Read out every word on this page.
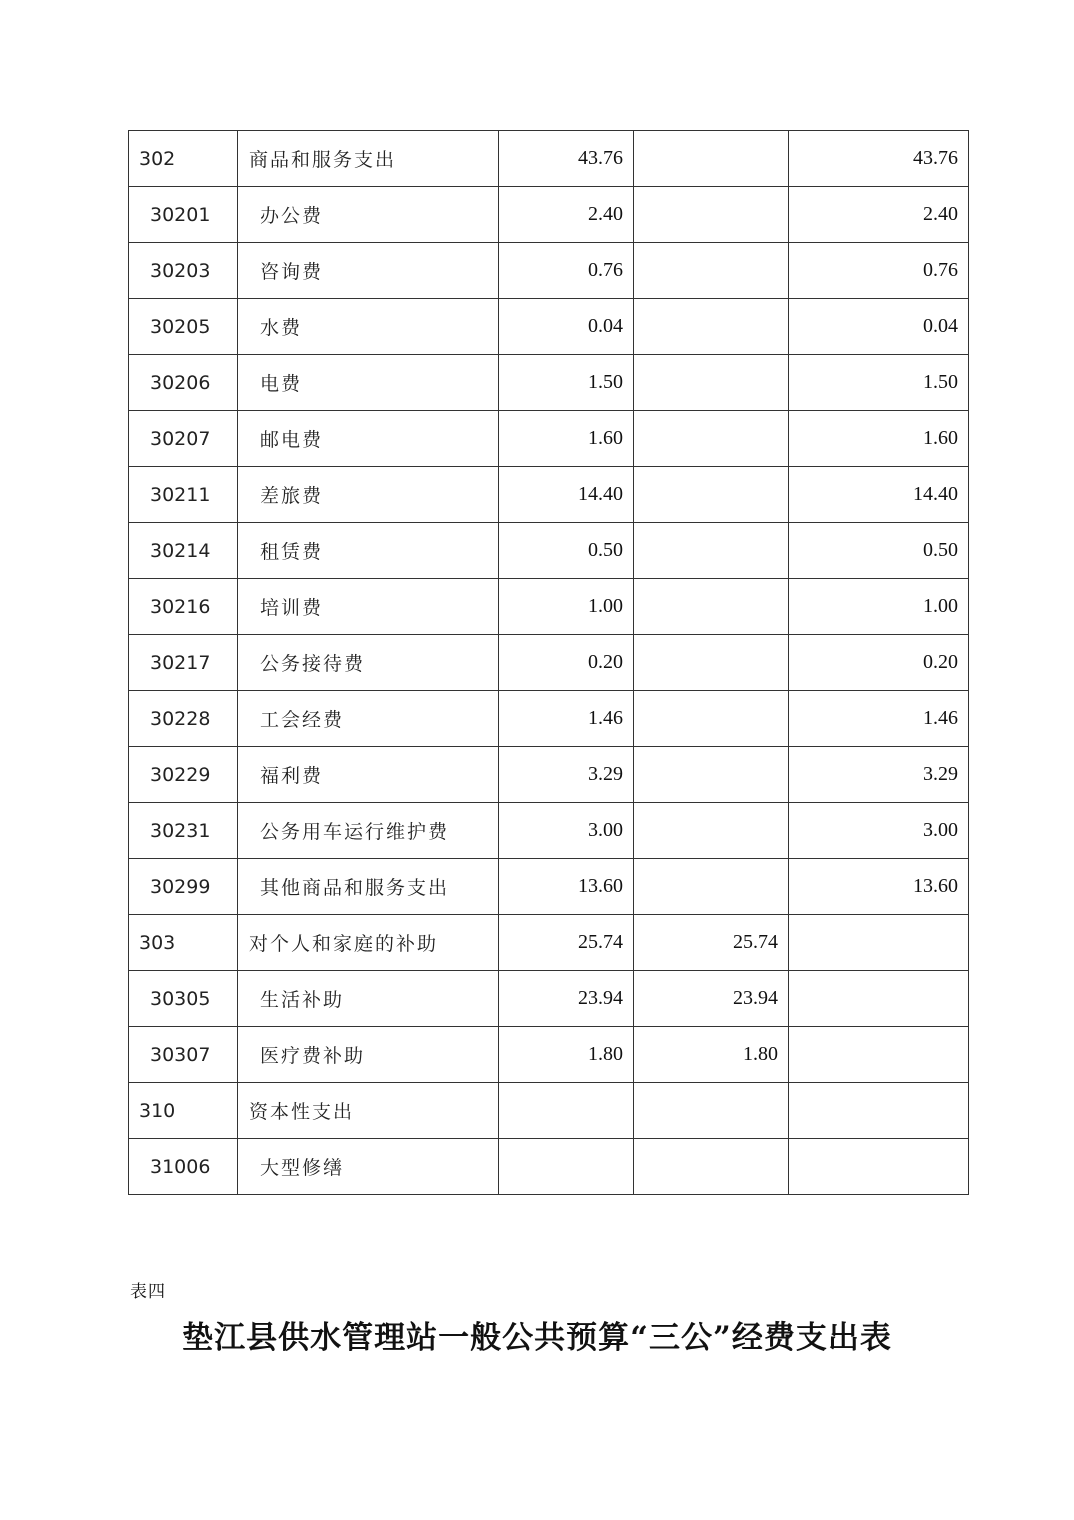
302	商品和服务支出	43.76		43.76
30201	办公费	2.40		2.40
30203	咨询费	0.76		0.76
30205	水费	0.04		0.04
30206	电费	1.50		1.50
30207	邮电费	1.60		1.60
30211	差旅费	14.40		14.40
30214	租赁费	0.50		0.50
30216	培训费	1.00		1.00
30217	公务接待费	0.20		0.20
30228	工会经费	1.46		1.46
30229	福利费	3.29		3.29
30231	公务用车运行维护费	3.00		3.00
30299	其他商品和服务支出	13.60		13.60
303	对个人和家庭的补助	25.74	25.74	
30305	生活补助	23.94	23.94	
30307	医疗费补助	1.80	1.80	
310	资本性支出			
31006	大型修缮			
表四
垫江县供水管理站一般公共预算“三公”经费支出表
